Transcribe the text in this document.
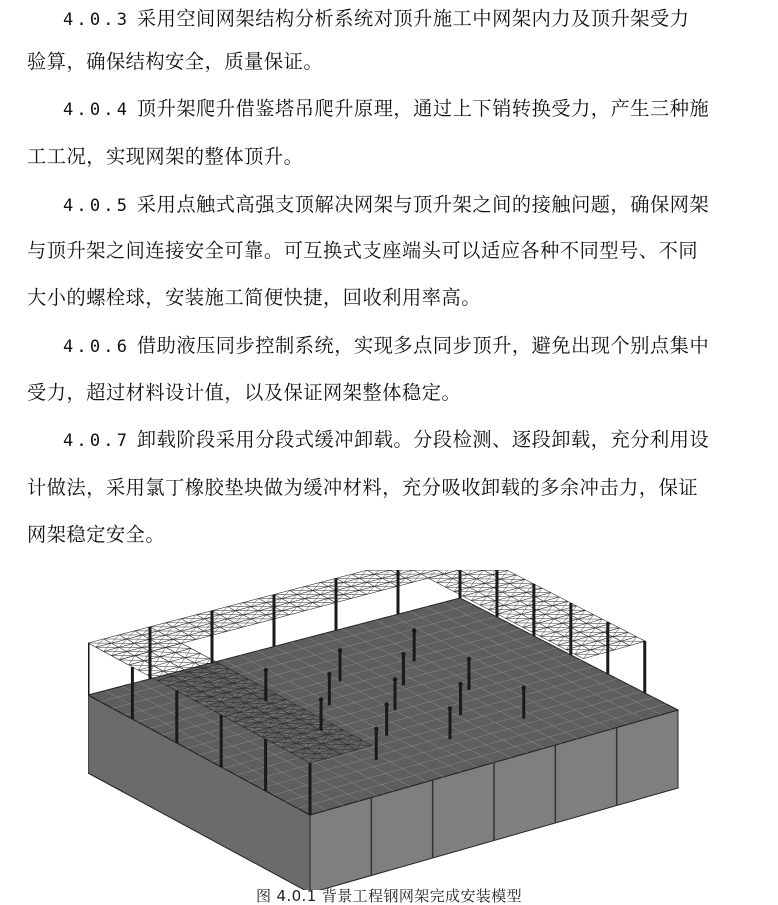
4.0.3 采用空间网架结构分析系统对顶升施工中网架内力及顶升架受力
验算，确保结构安全，质量保证。
4.0.4 顶升架爬升借鉴塔吊爬升原理，通过上下销转换受力，产生三种施
工工况，实现网架的整体顶升。
4.0.5 采用点触式高强支顶解决网架与顶升架之间的接触问题，确保网架
与顶升架之间连接安全可靠。可互换式支座端头可以适应各种不同型号、不同
大小的螺栓球，安装施工简便快捷，回收利用率高。
4.0.6 借助液压同步控制系统，实现多点同步顶升，避免出现个别点集中
受力，超过材料设计值，以及保证网架整体稳定。
4.0.7 卸载阶段采用分段式缓冲卸载。分段检测、逐段卸载，充分利用设
计做法，采用氯丁橡胶垫块做为缓冲材料，充分吸收卸载的多余冲击力，保证
网架稳定安全。
图 4.0.1 背景工程钢网架完成安装模型
